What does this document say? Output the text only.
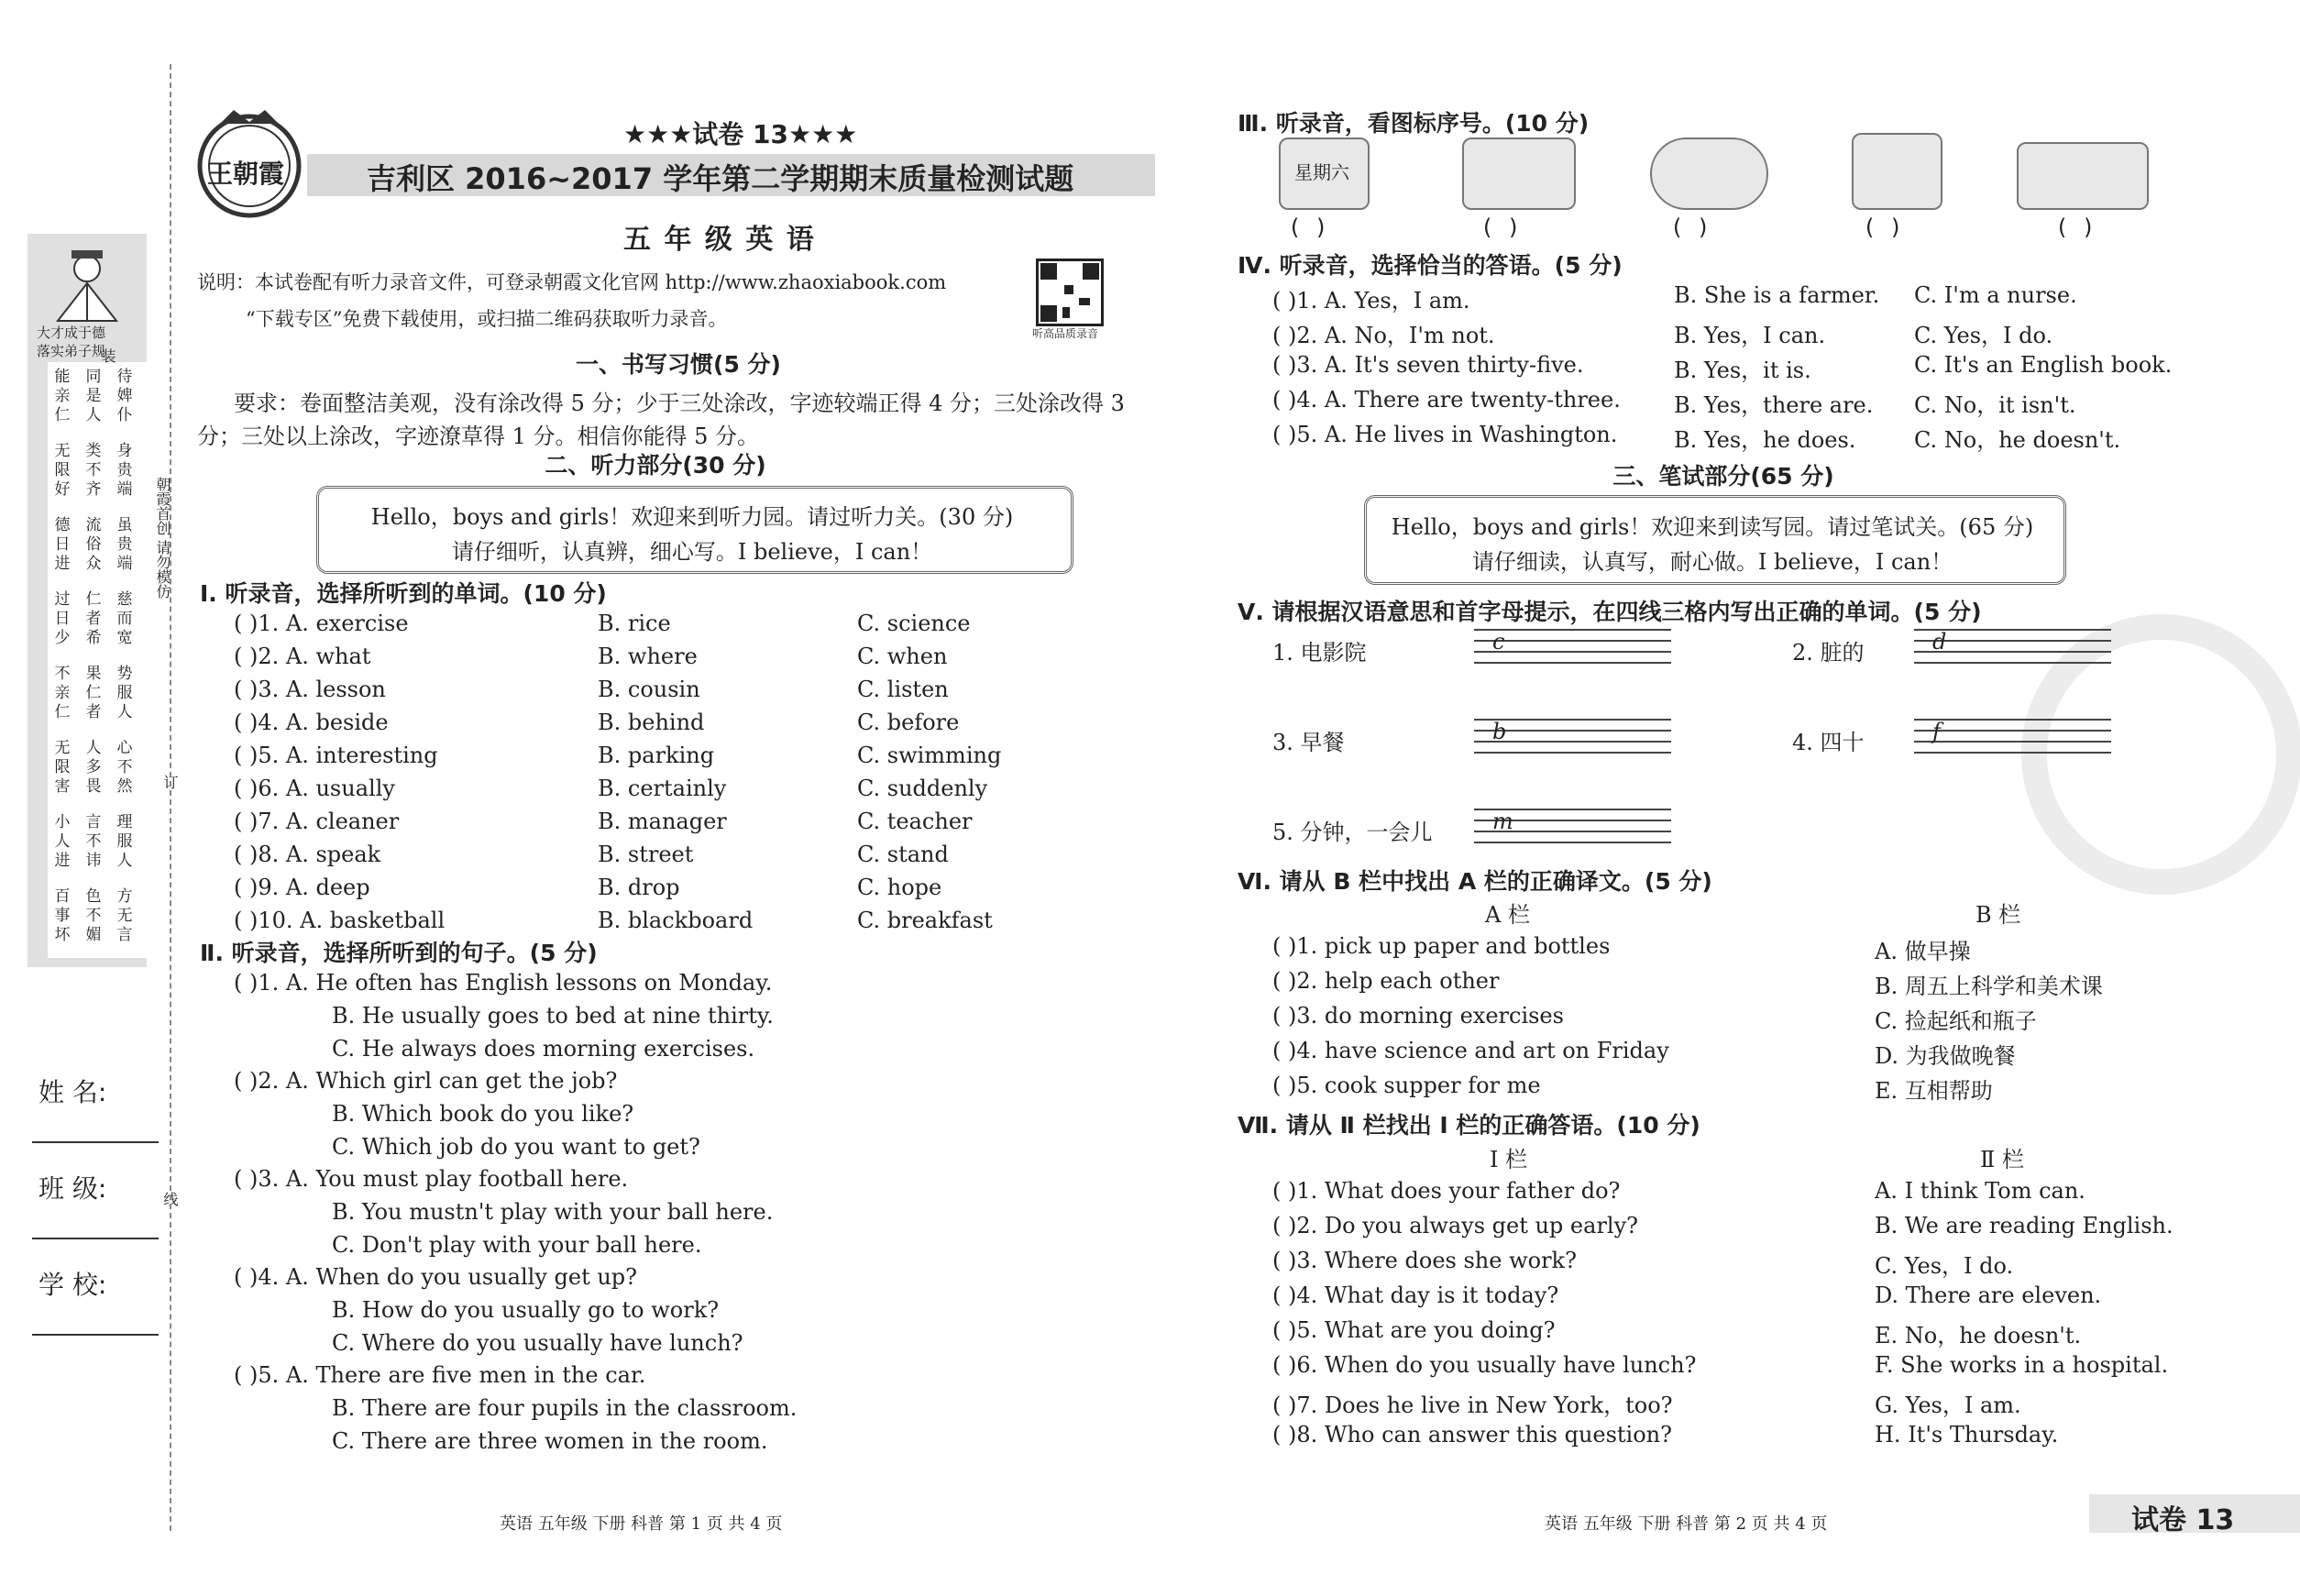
大才成于德
落实弟子规
能亲仁
同是人
待婢仆
无限好
类不齐
身贵端
德日进
流俗众
虽贵端
过日少
仁者希
慈而宽
不亲仁
果仁者
势服人
无限害
人多畏
心不然
小人进
言不讳
理服人
百事坏
色不媚
方无言
装
朝霞首创 请勿模仿
订
线
姓 名:
班 级:
学 校:
王朝霞
★★★试卷 13★★★
吉利区 2016~2017 学年第二学期期末质量检测试题
五 年 级 英 语
说明：本试卷配有听力录音文件，可登录朝霞文化官网 http://www.zhaoxiabook.com
“下载专区”免费下载使用，或扫描二维码获取听力录音。
听高品质录音
一、书写习惯(5 分)
要求：卷面整洁美观，没有涂改得 5 分；少于三处涂改，字迹较端正得 4 分；三处涂改得 3
分；三处以上涂改，字迹潦草得 1 分。相信你能得 5 分。
二、听力部分(30 分)
Hello，boys and girls！欢迎来到听力园。请过听力关。(30 分)
请仔细听，认真辨，细心写。I believe，I can！
Ⅰ. 听录音，选择所听到的单词。(10 分)
( )1. A. exercise	B. rice	C. science
( )2. A. what	B. where	C. when
( )3. A. lesson	B. cousin	C. listen
( )4. A. beside	B. behind	C. before
( )5. A. interesting	B. parking	C. swimming
( )6. A. usually	B. certainly	C. suddenly
( )7. A. cleaner	B. manager	C. teacher
( )8. A. speak	B. street	C. stand
( )9. A. deep	B. drop	C. hope
( )10. A. basketball	B. blackboard	C. breakfast
Ⅱ. 听录音，选择所听到的句子。(5 分)
( )1. A. He often has English lessons on Monday.
B. He usually goes to bed at nine thirty.
C. He always does morning exercises.
( )2. A. Which girl can get the job?
B. Which book do you like?
C. Which job do you want to get?
( )3. A. You must play football here.
B. You mustn't play with your ball here.
C. Don't play with your ball here.
( )4. A. When do you usually get up?
B. How do you usually go to work?
C. Where do you usually have lunch?
( )5. A. There are five men in the car.
B. There are four pupils in the classroom.
C. There are three women in the room.
英语 五年级 下册 科普 第 1 页 共 4 页
Ⅲ. 听录音，看图标序号。(10 分)
星期六
( )	( )	( )	( )	( )
Ⅳ. 听录音，选择恰当的答语。(5 分)
( )1. A. Yes，I am.	B. She is a farmer. C. I'm a nurse.
( )2. A. No，I'm not.	B. Yes，I can.	C. Yes，I do.
( )3. A. It's seven thirty-five.	B. Yes，it is.	C. It's an English book.
( )4. A. There are twenty-three. B. Yes，there are. C. No，it isn't.
( )5. A. He lives in Washington.	B. Yes，he does.	C. No，he doesn't.
三、笔试部分(65 分)
Hello，boys and girls！欢迎来到读写园。请过笔试关。(65 分)
请仔细读，认真写，耐心做。I believe，I can！
Ⅴ. 请根据汉语意思和首字母提示，在四线三格内写出正确的单词。(5 分)
1. 电影院	c	2. 脏的	d
3. 早餐	b	4. 四十	f
5. 分钟，一会儿	m
Ⅵ. 请从 B 栏中找出 A 栏的正确译文。(5 分)
A 栏	B 栏
( )1. pick up paper and bottles
( )2. help each other
( )3. do morning exercises
( )4. have science and art on Friday
( )5. cook supper for me
A. 做早操
B. 周五上科学和美术课
C. 捡起纸和瓶子
D. 为我做晚餐
E. 互相帮助
Ⅶ. 请从 Ⅱ 栏找出 Ⅰ 栏的正确答语。(10 分)
Ⅰ 栏	Ⅱ 栏
( )1. What does your father do?
( )2. Do you always get up early?
( )3. Where does she work?
( )4. What day is it today?
( )5. What are you doing?
( )6. When do you usually have lunch?
( )7. Does he live in New York，too?
( )8. Who can answer this question?
A. I think Tom can.
B. We are reading English.
C. Yes，I do.
D. There are eleven.
E. No，he doesn't.
F. She works in a hospital.
G. Yes，I am.
H. It's Thursday.
英语 五年级 下册 科普 第 2 页 共 4 页	试卷 13
